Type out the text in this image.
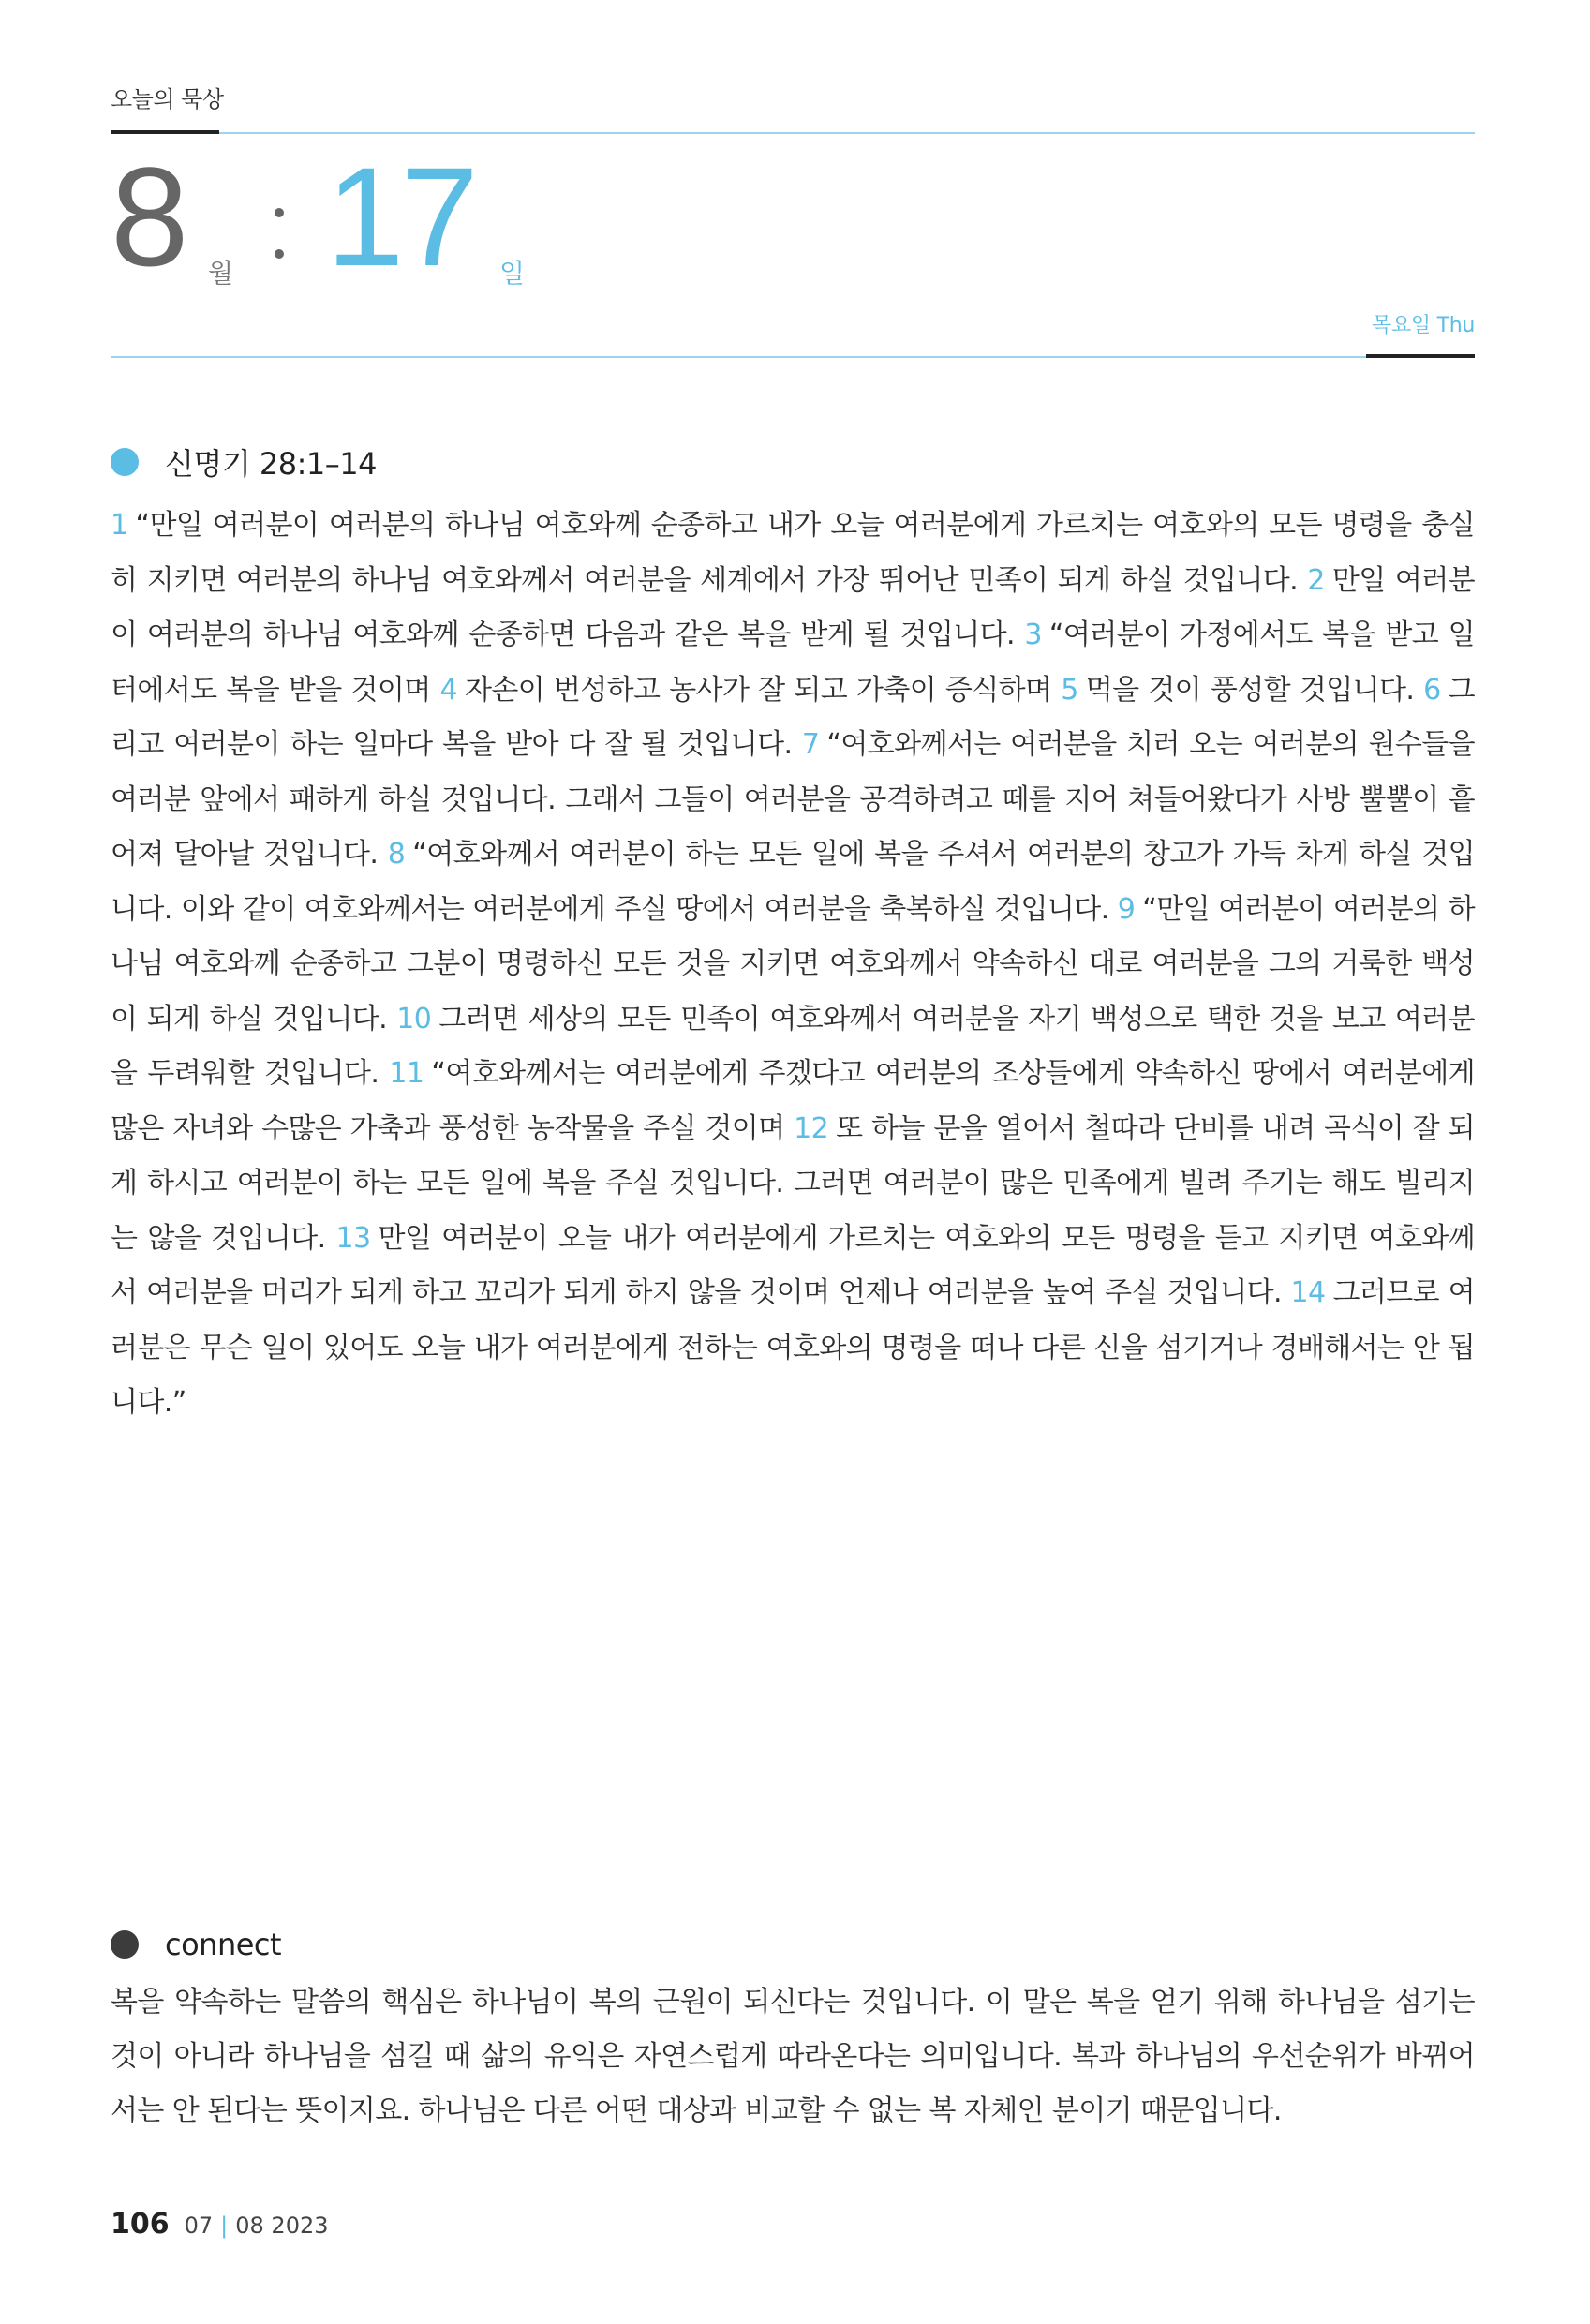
오늘의 묵상
8 월 17 일
목요일 Thu
신명기 28:1–14

1 “만일 여러분이 여러분의 하나님 여호와께 순종하고 내가 오늘 여러분에게 가르치는 여호와의 모든 명령을 충실히 지키면 여러분의 하나님 여호와께서 여러분을 세계에서 가장 뛰어난 민족이 되게 하실 것입니다. 2 만일 여러분이 여러분의 하나님 여호와께 순종하면 다음과 같은 복을 받게 될 것입니다. 3 “여러분이 가정에서도 복을 받고 일터에서도 복을 받을 것이며 4 자손이 번성하고 농사가 잘 되고 가축이 증식하며 5 먹을 것이 풍성할 것입니다. 6 그리고 여러분이 하는 일마다 복을 받아 다 잘 될 것입니다. 7 “여호와께서는 여러분을 치러 오는 여러분의 원수들을 여러분 앞에서 패하게 하실 것입니다. 그래서 그들이 여러분을 공격하려고 떼를 지어 쳐들어왔다가 사방 뿔뿔이 흩어져 달아날 것입니다. 8 “여호와께서 여러분이 하는 모든 일에 복을 주셔서 여러분의 창고가 가득 차게 하실 것입니다. 이와 같이 여호와께서는 여러분에게 주실 땅에서 여러분을 축복하실 것입니다. 9 “만일 여러분이 여러분의 하나님 여호와께 순종하고 그분이 명령하신 모든 것을 지키면 여호와께서 약속하신 대로 여러분을 그의 거룩한 백성이 되게 하실 것입니다. 10 그러면 세상의 모든 민족이 여호와께서 여러분을 자기 백성으로 택한 것을 보고 여러분을 두려워할 것입니다. 11 “여호와께서는 여러분에게 주겠다고 여러분의 조상들에게 약속하신 땅에서 여러분에게 많은 자녀와 수많은 가축과 풍성한 농작물을 주실 것이며 12 또 하늘 문을 열어서 철따라 단비를 내려 곡식이 잘 되게 하시고 여러분이 하는 모든 일에 복을 주실 것입니다. 그러면 여러분이 많은 민족에게 빌려 주기는 해도 빌리지는 않을 것입니다. 13 만일 여러분이 오늘 내가 여러분에게 가르치는 여호와의 모든 명령을 듣고 지키면 여호와께서 여러분을 머리가 되게 하고 꼬리가 되게 하지 않을 것이며 언제나 여러분을 높여 주실 것입니다. 14 그러므로 여러분은 무슨 일이 있어도 오늘 내가 여러분에게 전하는 여호와의 명령을 떠나 다른 신을 섬기거나 경배해서는 안 됩니다.”

connect

복을 약속하는 말씀의 핵심은 하나님이 복의 근원이 되신다는 것입니다. 이 말은 복을 얻기 위해 하나님을 섬기는 것이 아니라 하나님을 섬길 때 삶의 유익은 자연스럽게 따라온다는 의미입니다. 복과 하나님의 우선순위가 바뀌어서는 안 된다는 뜻이지요. 하나님은 다른 어떤 대상과 비교할 수 없는 복 자체인 분이기 때문입니다.

106 07 | 08 2023
